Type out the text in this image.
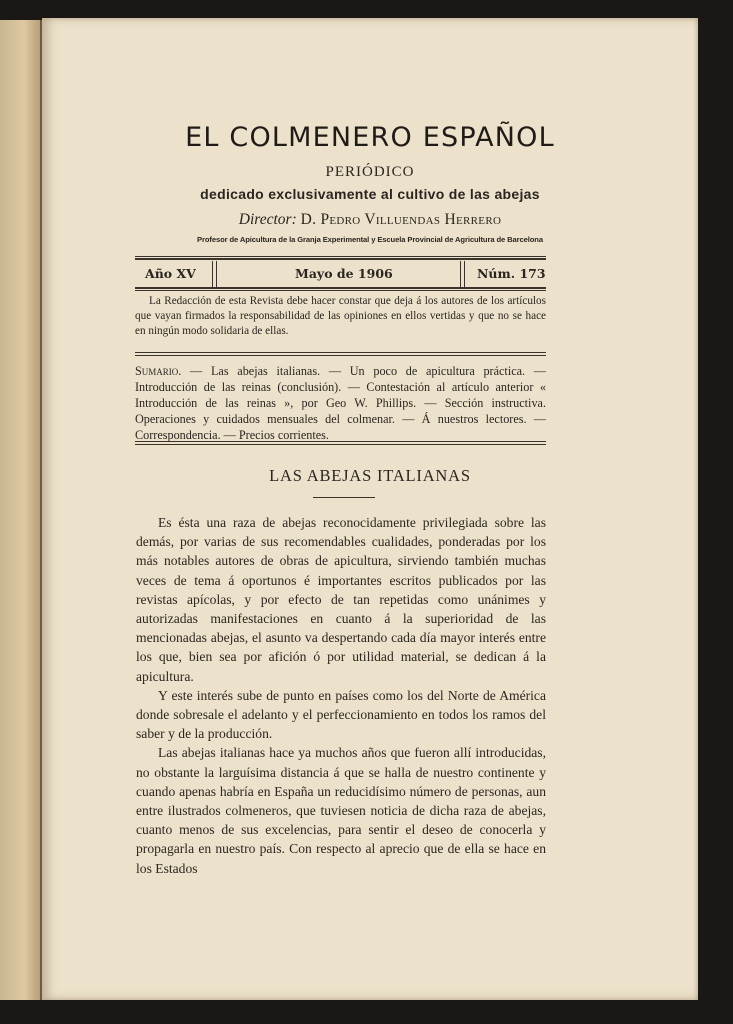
EL COLMENERO ESPAÑOL
PERIÓDICO
dedicado exclusivamente al cultivo de las abejas
Director: D. Pedro Villuendas Herrero
Profesor de Apicultura de la Granja Experimental y Escuela Provincial de Agricultura de Barcelona
Año XV	Mayo de 1906	Núm. 173
La Redacción de esta Revista debe hacer constar que deja á los autores de los artículos que vayan firmados la responsabilidad de las opiniones en ellos vertidas y que no se hace en ningún modo solidaria de ellas.
Sumario. — Las abejas italianas. — Un poco de apicultura práctica. — Introducción de las reinas (conclusión). — Contestación al artículo anterior « Introducción de las reinas », por Geo W. Phillips. — Sección instructiva. Operaciones y cuidados mensuales del colmenar. — Á nuestros lectores. — Correspondencia. — Precios corrientes.
LAS ABEJAS ITALIANAS

Es ésta una raza de abejas reconocidamente privilegiada sobre las demás, por varias de sus recomendables cualidades, ponderadas por los más notables autores de obras de apicultura, sirviendo también muchas veces de tema á oportunos é importantes escritos publicados por las revistas apícolas, y por efecto de tan repetidas como unánimes y autorizadas manifestaciones en cuanto á la superioridad de las mencionadas abejas, el asunto va despertando cada día mayor interés entre los que, bien sea por afición ó por utilidad material, se dedican á la apicultura.

Y este interés sube de punto en países como los del Norte de América donde sobresale el adelanto y el perfeccionamiento en todos los ramos del saber y de la producción.

Las abejas italianas hace ya muchos años que fueron allí introducidas, no obstante la larguísima distancia á que se halla de nuestro continente y cuando apenas habría en España un reducidísimo número de personas, aun entre ilustrados colmeneros, que tuviesen noticia de dicha raza de abejas, cuanto menos de sus excelencias, para sentir el deseo de conocerla y propagarla en nuestro país. Con respecto al aprecio que de ella se hace en los Estados
